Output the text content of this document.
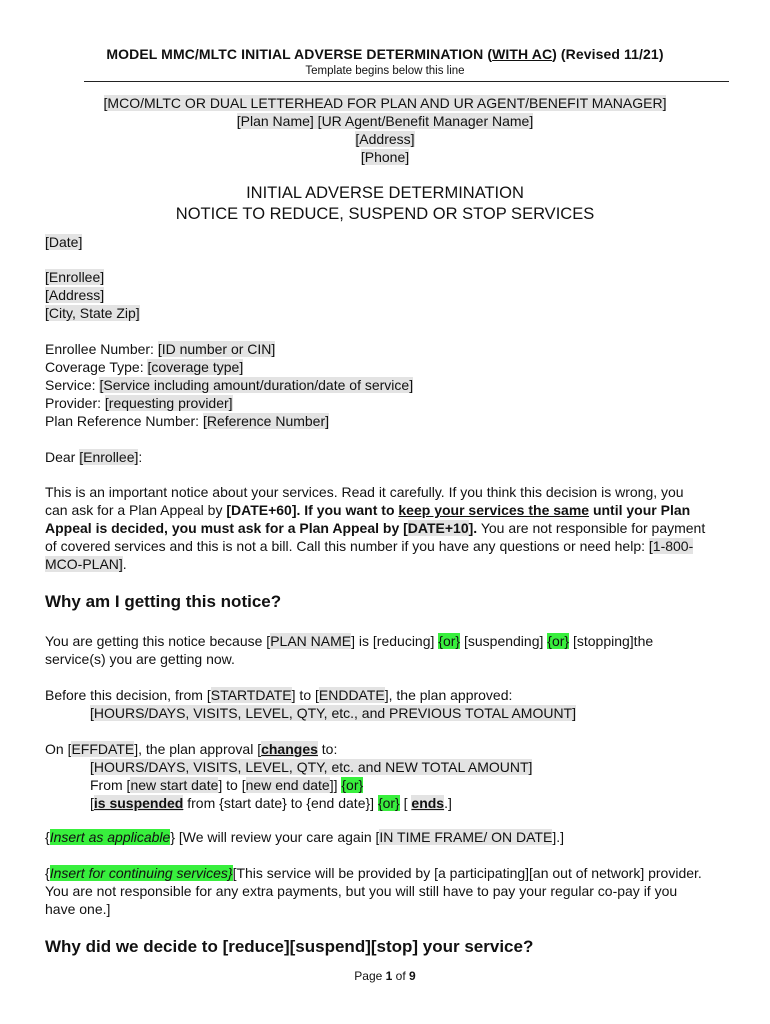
MODEL MMC/MLTC INITIAL ADVERSE DETERMINATION (WITH AC) (Revised 11/21)
Template begins below this line
[MCO/MLTC OR DUAL LETTERHEAD FOR PLAN AND UR AGENT/BENEFIT MANAGER]
[Plan Name] [UR Agent/Benefit Manager Name]
[Address]
[Phone]
INITIAL ADVERSE DETERMINATION
NOTICE TO REDUCE, SUSPEND OR STOP SERVICES
[Date]
[Enrollee]
[Address]
[City, State Zip]
Enrollee Number: [ID number or CIN]
Coverage Type: [coverage type]
Service: [Service including amount/duration/date of service]
Provider: [requesting provider]
Plan Reference Number: [Reference Number]
Dear [Enrollee]:
This is an important notice about your services. Read it carefully. If you think this decision is wrong, you can ask for a Plan Appeal by [DATE+60]. If you want to keep your services the same until your Plan Appeal is decided, you must ask for a Plan Appeal by [DATE+10]. You are not responsible for payment of covered services and this is not a bill. Call this number if you have any questions or need help: [1-800-MCO-PLAN].
Why am I getting this notice?
You are getting this notice because [PLAN NAME] is [reducing] {or} [suspending] {or} [stopping]the service(s) you are getting now.
Before this decision, from [STARTDATE] to [ENDDATE], the plan approved:
[HOURS/DAYS, VISITS, LEVEL, QTY, etc., and PREVIOUS TOTAL AMOUNT]
On [EFFDATE], the plan approval [changes to:
[HOURS/DAYS, VISITS, LEVEL, QTY, etc. and NEW TOTAL AMOUNT]
From [new start date] to [new end date]] {or}
[is suspended from {start date} to {end date}] {or} [ ends.]
{Insert as applicable} [We will review your care again [IN TIME FRAME/ ON DATE].]
{Insert for continuing services}[This service will be provided by [a participating][an out of network] provider. You are not responsible for any extra payments, but you will still have to pay your regular co-pay if you have one.]
Why did we decide to [reduce][suspend][stop] your service?
Page 1 of 9
